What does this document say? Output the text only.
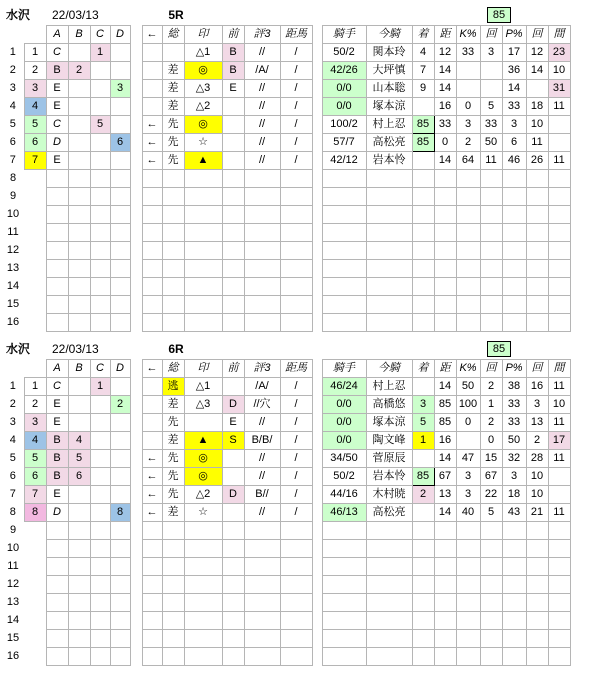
水沢	22/03/13		5R		85	
		A	B	C	D		←	総	印	前	評3	距馬		騎手	今騎	着	距	K%	回	P%	回	間
1	1	C		1					△1	B	//	/		50/2	関本玲	4	12	33	3	17	12	23
2	2	B	2					差	◎	B	/A/	/		42/26	大坪慎	7	14			36	14	10
3	3	E			3			差	△3	E	//	/		0/0	山本聡	9	14			14		31
4	4	E						差	△2		//	/		0/0	塚本涼		16	0	5	33	18	11
5	5	C		5			←	先	◎		//	/		100/2	村上忍	85	33	3	33	3	10	
6	6	D			6		←	先	☆		//	/		57/7	高松亮	85	0	2	50	6	11	
7	7	E					←	先	▲		//	/		42/12	岩本怜		14	64	11	46	26	11
8																						
9																						
10																						
11																						
12																						
13																						
14																						
15																						
16																						
水沢	22/03/13		6R		85	
		A	B	C	D		←	総	印	前	評3	距馬		騎手	今騎	着	距	K%	回	P%	回	間
1	1	C		1				逃	△1		/A/	/		46/24	村上忍		14	50	2	38	16	11
2	2	E			2			差	△3	D	//穴	/		0/0	高橋悠	3	85	100	1	33	3	10
3	3	E						先		E	//	/		0/0	塚本涼	5	85	0	2	33	13	11
4	4	B	4					差	▲	S	B/B/	/		0/0	陶文峰	1	16		0	50	2	17
5	5	B	5				←	先	◎		//	/		34/50	菅原辰		14	47	15	32	28	11
6	6	B	6				←	先	◎		//	/		50/2	岩本怜	85	67	3	67	3	10	
7	7	E					←	先	△2	D	B//	/		44/16	木村暁	2	13	3	22	18	10	
8	8	D			8		←	差	☆		//	/		46/13	高松亮		14	40	5	43	21	11
9																						
10																						
11																						
12																						
13																						
14																						
15																						
16																						
